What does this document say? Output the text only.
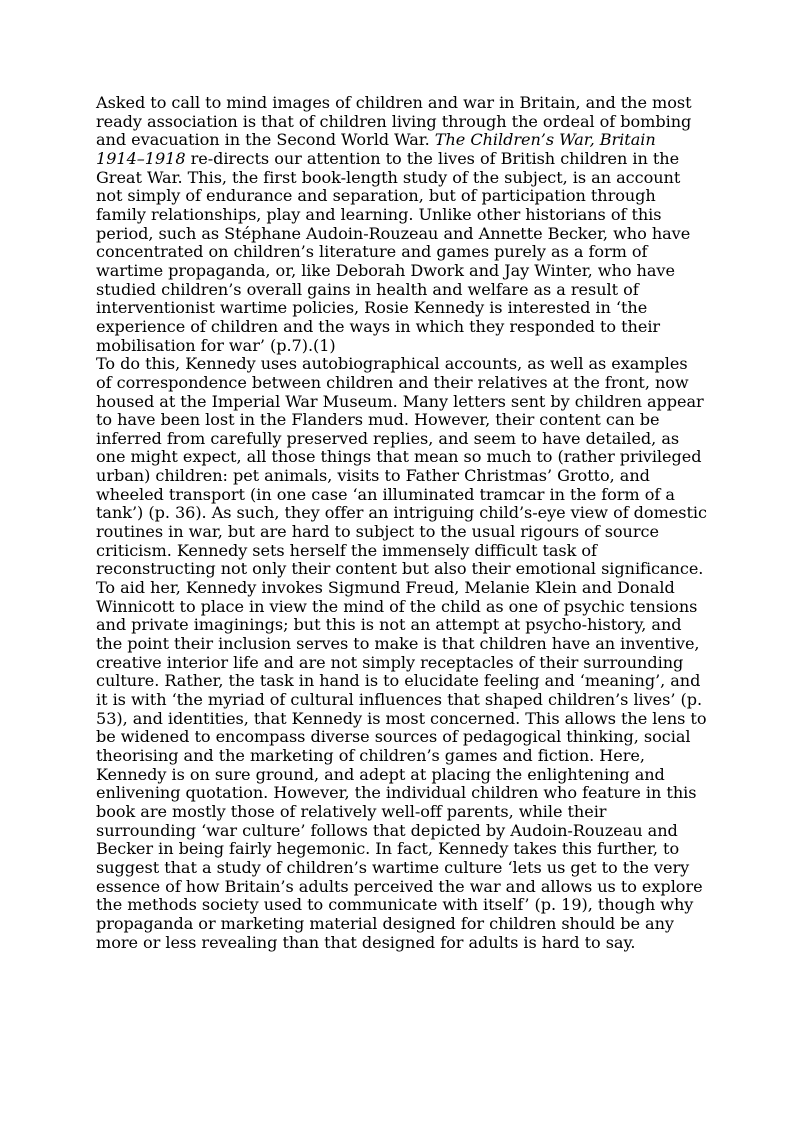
Asked to call to mind images of children and war in Britain, and the most ready association is that of children living through the ordeal of bombing and evacuation in the Second World War. The Children’s War, Britain 1914–1918 re-directs our attention to the lives of British children in the Great War. This, the first book-length study of the subject, is an account not simply of endurance and separation, but of participation through family relationships, play and learning. Unlike other historians of this period, such as Stéphane Audoin-Rouzeau and Annette Becker, who have concentrated on children’s literature and games purely as a form of wartime propaganda, or, like Deborah Dwork and Jay Winter, who have studied children’s overall gains in health and welfare as a result of interventionist wartime policies, Rosie Kennedy is interested in ‘the experience of children and the ways in which they responded to their mobilisation for war’ (p.7).(1)

To do this, Kennedy uses autobiographical accounts, as well as examples of correspondence between children and their relatives at the front, now housed at the Imperial War Museum. Many letters sent by children appear to have been lost in the Flanders mud. However, their content can be inferred from carefully preserved replies, and seem to have detailed, as one might expect, all those things that mean so much to (rather privileged urban) children: pet animals, visits to Father Christmas’ Grotto, and wheeled transport (in one case ‘an illuminated tramcar in the form of a tank’) (p. 36). As such, they offer an intriguing child’s-eye view of domestic routines in war, but are hard to subject to the usual rigours of source criticism. Kennedy sets herself the immensely difficult task of reconstructing not only their content but also their emotional significance.

To aid her, Kennedy invokes Sigmund Freud, Melanie Klein and Donald Winnicott to place in view the mind of the child as one of psychic tensions and private imaginings; but this is not an attempt at psycho-history, and the point their inclusion serves to make is that children have an inventive, creative interior life and are not simply receptacles of their surrounding culture. Rather, the task in hand is to elucidate feeling and ‘meaning’, and it is with ‘the myriad of cultural influences that shaped children’s lives’ (p. 53), and identities, that Kennedy is most concerned. This allows the lens to be widened to encompass diverse sources of pedagogical thinking, social theorising and the marketing of children’s games and fiction. Here, Kennedy is on sure ground, and adept at placing the enlightening and enlivening quotation. However, the individual children who feature in this book are mostly those of relatively well-off parents, while their surrounding ‘war culture’ follows that depicted by Audoin-Rouzeau and Becker in being fairly hegemonic. In fact, Kennedy takes this further, to suggest that a study of children’s wartime culture ‘lets us get to the very essence of how Britain’s adults perceived the war and allows us to explore the methods society used to communicate with itself’ (p. 19), though why propaganda or marketing material designed for children should be any more or less revealing than that designed for adults is hard to say.
